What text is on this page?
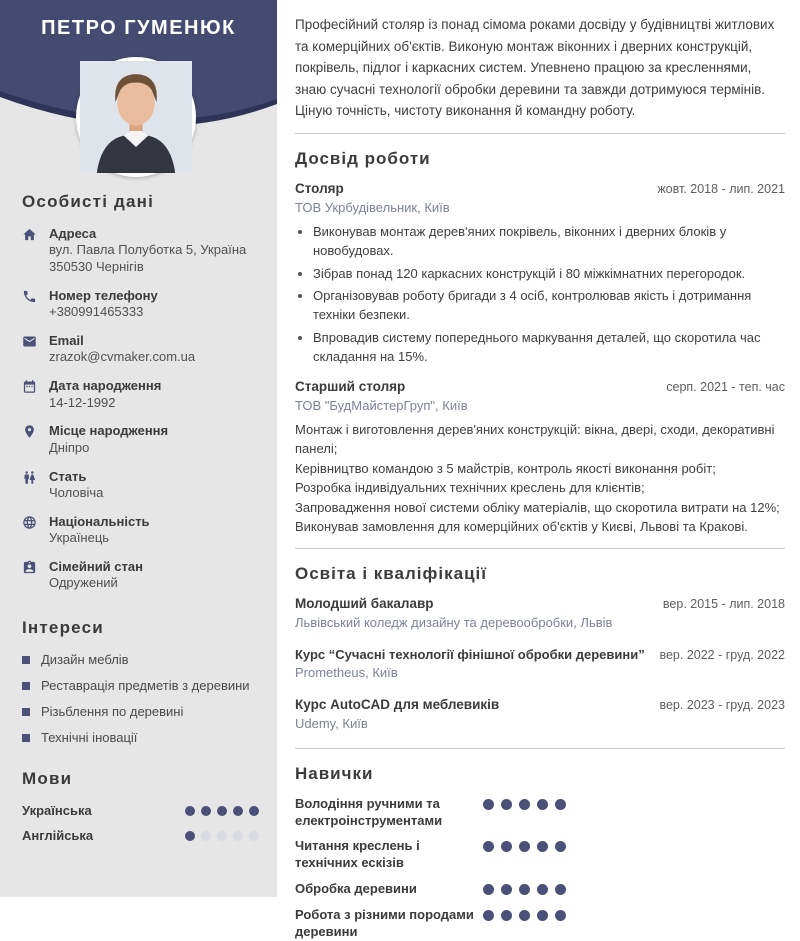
ПЕТРО ГУМЕНЮК
Особисті дані
Адреса
вул. Павла Полуботка 5, Україна
350530 Чернігів
Номер телефону
+380991465333
Email
zrazok@cvmaker.com.ua
Дата народження
14-12-1992
Місце народження
Дніпро
Стать
Чоловіча
Національність
Українець
Сімейний стан
Одружений
Інтереси
Дизайн меблів
Реставрація предметів з деревини
Різьблення по деревині
Технічні іновації
Мови
Українська
Англійська

Професійний столяр із понад сімома роками досвіду у будівництві житлових та комерційних об'єктів. Виконую монтаж віконних і дверних конструкцій, покрівель, підлог і каркасних систем. Упевнено працюю за кресленнями, знаю сучасні технології обробки деревини та завжди дотримуюся термінів. Ціную точність, чистоту виконання й командну роботу.

Досвід роботи
Столяр	жовт. 2018 - лип. 2021
ТОВ Укрбудівельник, Київ
• Виконував монтаж дерев'яних покрівель, віконних і дверних блоків у новобудовах.
• Зібрав понад 120 каркасних конструкцій і 80 міжкімнатних перегородок.
• Організовував роботу бригади з 4 осіб, контролював якість і дотримання техніки безпеки.
• Впровадив систему попереднього маркування деталей, що скоротила час складання на 15%.
Старший столяр	серп. 2021 - теп. час
ТОВ "БудМайстерГруп", Київ

Монтаж і виготовлення дерев'яних конструкцій: вікна, двері, сходи, декоративні панелі;

Керівництво командою з 5 майстрів, контроль якості виконання робіт;

Розробка індивідуальних технічних креслень для клієнтів;

Запровадження нової системи обліку матеріалів, що скоротила витрати на 12%;

Виконував замовлення для комерційних об'єктів у Києві, Львові та Кракові.

Освіта і кваліфікації
Молодший бакалавр	вер. 2015 - лип. 2018
Львівський коледж дизайну та деревообробки, Львів
Курс “Сучасні технології фінішної обробки деревини” вер. 2022 - груд. 2022
Prometheus, Київ
Курс AutoCAD для меблевиків	вер. 2023 - груд. 2023
Udemy, Київ
Навички
Володіння ручними та електроінструментами
Читання креслень і технічних ескізів
Обробка деревини
Робота з різними породами деревини
